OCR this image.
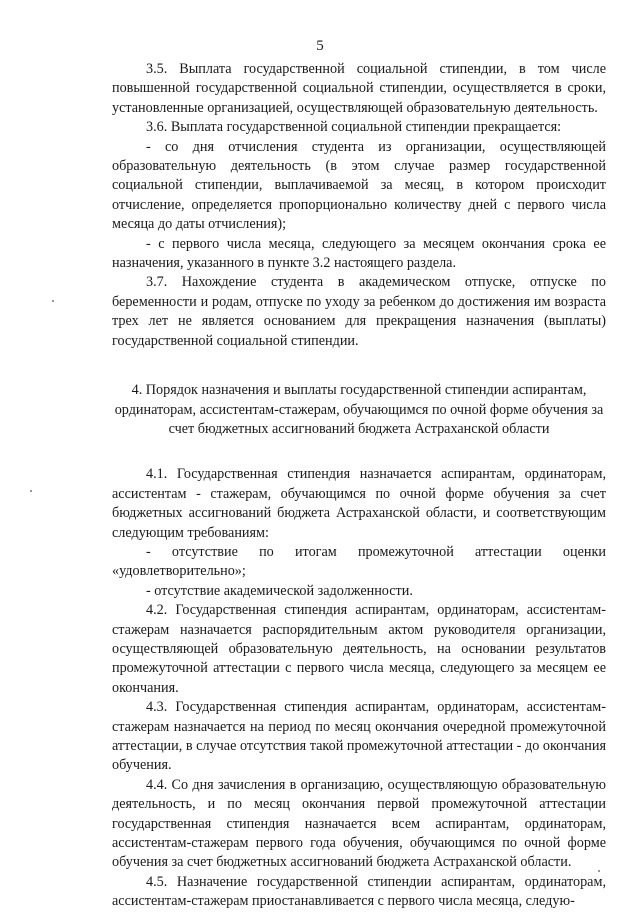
5

3.5. Выплата государственной социальной стипендии, в том числе повышенной государственной социальной стипендии, осуществляется в сроки, установленные организацией, осуществляющей образовательную деятельность.

3.6. Выплата государственной социальной стипендии прекращается:

- со дня отчисления студента из организации, осуществляющей образовательную деятельность (в этом случае размер государственной социальной стипендии, выплачиваемой за месяц, в котором происходит отчисление, определяется пропорционально количеству дней с первого числа месяца до даты отчисления);

- с первого числа месяца, следующего за месяцем окончания срока ее назначения, указанного в пункте 3.2 настоящего раздела.

3.7. Нахождение студента в академическом отпуске, отпуске по беременности и родам, отпуске по уходу за ребенком до достижения им возраста трех лет не является основанием для прекращения назначения (выплаты) государственной социальной стипендии.

4. Порядок назначения и выплаты государственной стипендии аспирантам, ординаторам, ассистентам-стажерам, обучающимся по очной форме обучения за счет бюджетных ассигнований бюджета Астраханской области

4.1. Государственная стипендия назначается аспирантам, ординаторам, ассистентам - стажерам, обучающимся по очной форме обучения за счет бюджетных ассигнований бюджета Астраханской области, и соответствующим следующим требованиям:

- отсутствие по итогам промежуточной аттестации оценки «удовлетворительно»;

- отсутствие академической задолженности.

4.2. Государственная стипендия аспирантам, ординаторам, ассистентам-стажерам назначается распорядительным актом руководителя организации, осуществляющей образовательную деятельность, на основании результатов промежуточной аттестации с первого числа месяца, следующего за месяцем ее окончания.

4.3. Государственная стипендия аспирантам, ординаторам, ассистентам-стажерам назначается на период по месяц окончания очередной промежуточной аттестации, в случае отсутствия такой промежуточной аттестации - до окончания обучения.

4.4. Со дня зачисления в организацию, осуществляющую образовательную деятельность, и по месяц окончания первой промежуточной аттестации государственная стипендия назначается всем аспирантам, ординаторам, ассистентам-стажерам первого года обучения, обучающимся по очной форме обучения за счет бюджетных ассигнований бюджета Астраханской области.

4.5. Назначение государственной стипендии аспирантам, ординаторам, ассистентам-стажерам приостанавливается с первого числа месяца, следую-
